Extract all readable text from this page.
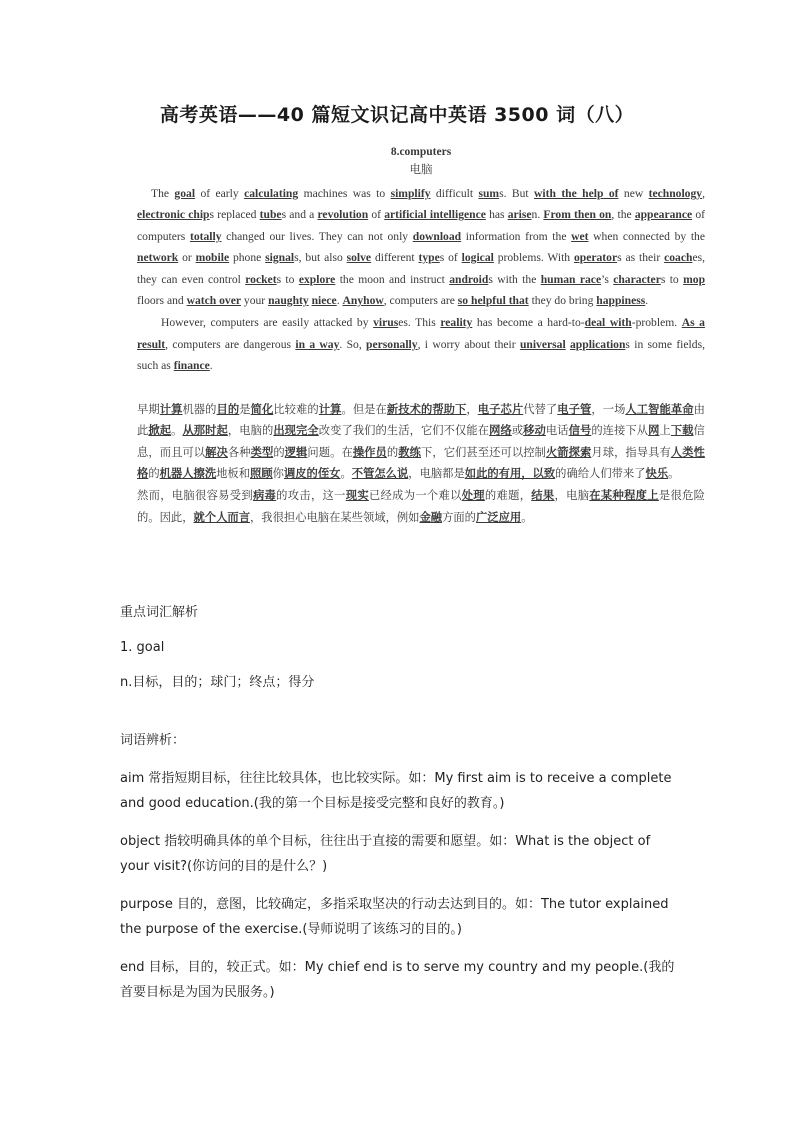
高考英语——40 篇短文识记高中英语 3500 词（八）
8.computers
电脑

The goal of early calculating machines was to simplify difficult sums. But with the help of new technology, electronic chips replaced tubes and a revolution of artificial intelligence has arisen. From then on, the appearance of computers totally changed our lives. They can not only download information from the wet when connected by the network or mobile phone signals, but also solve different types of logical problems. With operators as their coaches, they can even control rockets to explore the moon and instruct androids with the human race’s characters to mop floors and watch over your naughty niece. Anyhow, computers are so helpful that they do bring happiness.

However, computers are easily attacked by viruses. This reality has become a hard-to-deal with-problem. As a result, computers are dangerous in a way. So, personally, i worry about their universal applications in some fields, such as finance.

早期计算机器的目的是简化比较难的计算。但是在新技术的帮助下，电子芯片代替了电子管，一场人工智能革命由此掀起。从那时起，电脑的出现完全改变了我们的生活，它们不仅能在网络或移动电话信号的连接下从网上下载信息，而且可以解决各种类型的逻辑问题。在操作员的教练下，它们甚至还可以控制火箭探索月球，指导具有人类性格的机器人擦洗地板和照顾你调皮的侄女。不管怎么说，电脑都是如此的有用，以致的确给人们带来了快乐。

然而，电脑很容易受到病毒的攻击，这一现实已经成为一个难以处理的难题，结果，电脑在某种程度上是很危险的。因此，就个人而言，我很担心电脑在某些领域，例如金融方面的广泛应用。

重点词汇解析

1. goal

n.目标，目的；球门；终点；得分

词语辨析：

aim 常指短期目标，往往比较具体，也比较实际。如：My first aim is to receive a complete and good education.(我的第一个目标是接受完整和良好的教育。)

object 指较明确具体的单个目标，往往出于直接的需要和愿望。如：What is the object of your visit?(你访问的目的是什么？)

purpose 目的，意图，比较确定，多指采取坚决的行动去达到目的。如：The tutor explained the purpose of the exercise.(导师说明了该练习的目的。)

end 目标，目的，较正式。如：My chief end is to serve my country and my people.(我的首要目标是为国为民服务。)
